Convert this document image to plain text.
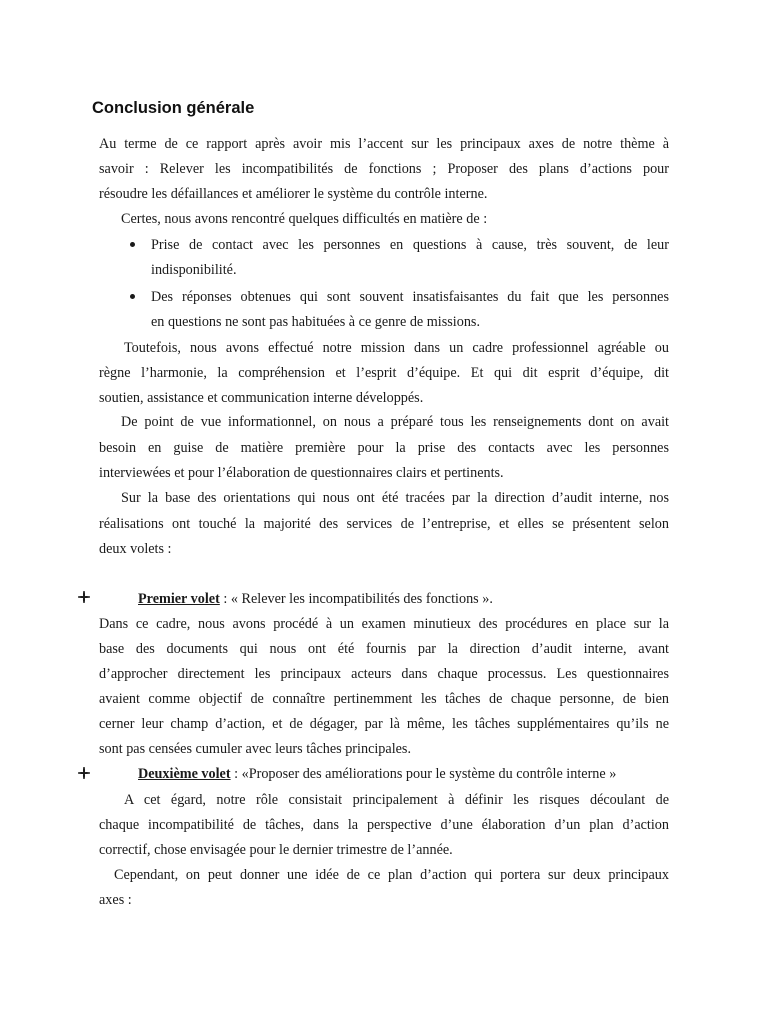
Conclusion générale

Au terme de ce rapport après avoir mis l’accent sur les principaux axes de notre thème à

savoir : Relever les incompatibilités de fonctions ; Proposer des plans d’actions pour

résoudre les défaillances et améliorer le système du contrôle interne.

Certes, nous avons rencontré quelques difficultés en matière de :

Prise de contact avec les personnes en questions à cause, très souvent, de leur

indisponibilité.

Des réponses obtenues qui sont souvent insatisfaisantes du fait que les personnes

en questions ne sont pas habituées à ce genre de missions.

Toutefois, nous avons effectué notre mission dans un cadre professionnel agréable ou

règne l’harmonie, la compréhension et l’esprit d’équipe. Et qui dit esprit d’équipe, dit

soutien, assistance et communication interne développés.

De point de vue informationnel, on nous a préparé tous les renseignements dont on avait

besoin en guise de matière première pour la prise des contacts avec les personnes

interviewées et pour l’élaboration de questionnaires clairs et pertinents.

Sur la base des orientations qui nous ont été tracées par la direction d’audit interne, nos

réalisations ont touché la majorité des services de l’entreprise, et elles se présentent selon

deux volets :

Premier volet : « Relever les incompatibilités des fonctions ».

Dans ce cadre, nous avons procédé à un examen minutieux des procédures en place sur la

base des documents qui nous ont été fournis par la direction d’audit interne, avant

d’approcher directement les principaux acteurs dans chaque processus. Les questionnaires

avaient comme objectif de connaître pertinemment les tâches de chaque personne, de bien

cerner leur champ d’action, et de dégager, par là même, les tâches supplémentaires qu’ils ne

sont pas censées cumuler avec leurs tâches principales.

Deuxième volet : «Proposer des améliorations pour le système du contrôle interne »

A cet égard, notre rôle consistait principalement à définir les risques découlant de

chaque incompatibilité de tâches, dans la perspective d’une élaboration d’un plan d’action

correctif, chose envisagée pour le dernier trimestre de l’année.

Cependant, on peut donner une idée de ce plan d’action qui portera sur deux principaux

axes :
